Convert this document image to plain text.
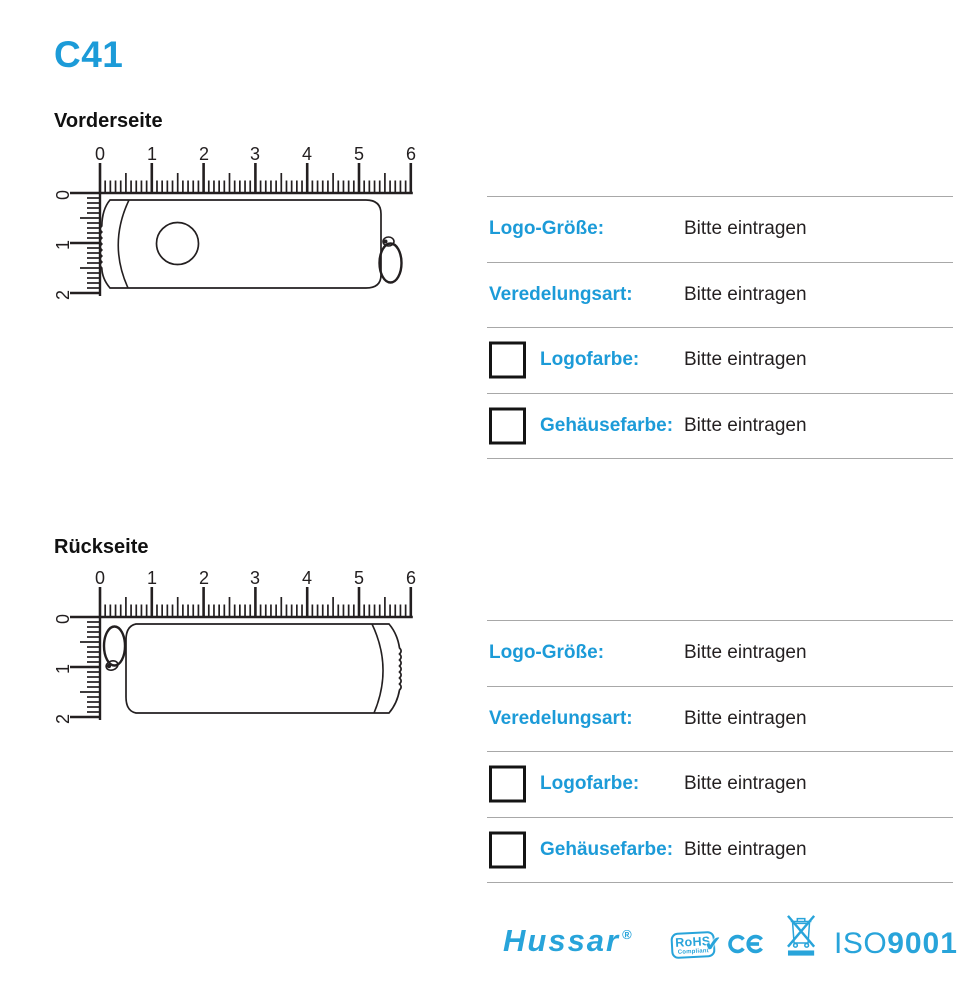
C41
Vorderseite
0 1 2 3 4 5 6
0
1
2
Logo-Größe:	Bitte eintragen
Veredelungsart:	Bitte eintragen
Logofarbe: Bitte eintragen
Gehäusefarbe: Bitte eintragen
Rückseite
0 1 2 3 4 5 6
0
1
2
Logo-Größe:	Bitte eintragen
Veredelungsart:	Bitte eintragen
Logofarbe: Bitte eintragen
Gehäusefarbe: Bitte eintragen
Hussar ®	RoHS
Compliant
✔	ISO9001
